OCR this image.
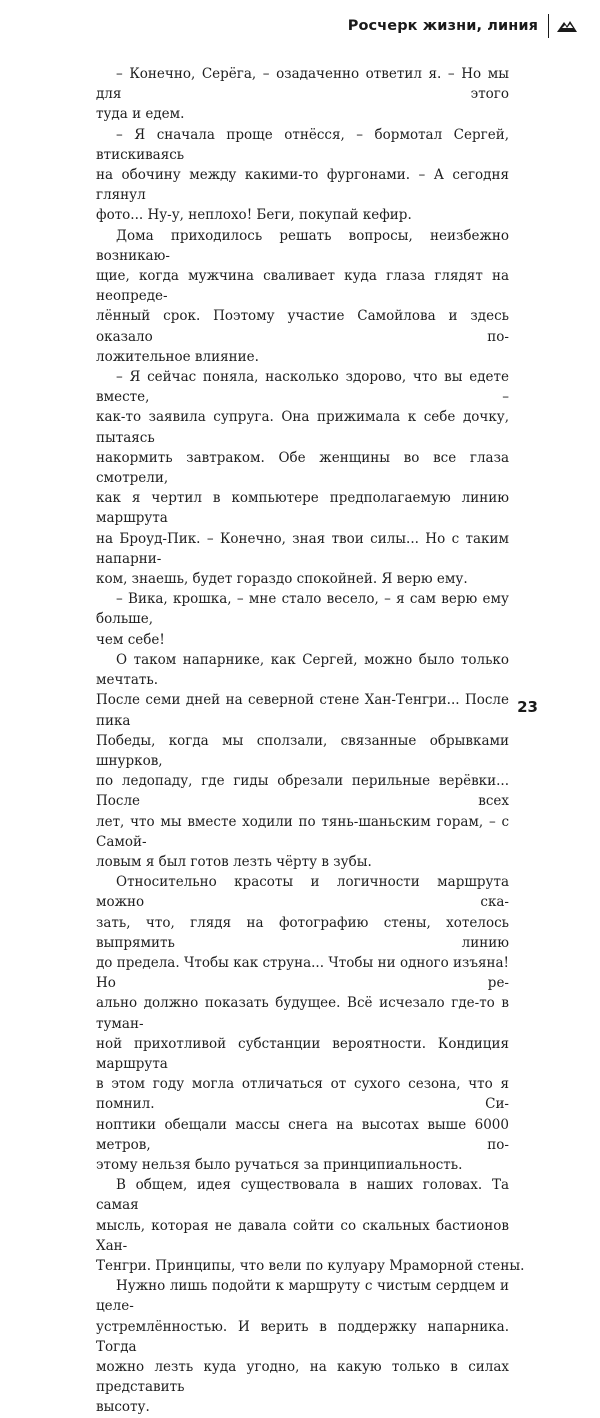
Росчерк жизни, линия

– Конечно, Серёга, – озадаченно ответил я. – Но мы для этого
туда и едем.

– Я сначала проще отнёсся, – бормотал Сергей, втискиваясь
на обочину между какими-то фургонами. – А сегодня глянул
фото... Ну-у, неплохо! Беги, покупай кефир.

Дома приходилось решать вопросы, неизбежно возникаю-
щие, когда мужчина сваливает куда глаза глядят на неопреде-
лённый срок. Поэтому участие Самойлова и здесь оказало по-
ложительное влияние.

– Я сейчас поняла, насколько здорово, что вы едете вместе, –
как-то заявила супруга. Она прижимала к себе дочку, пытаясь
накормить завтраком. Обе женщины во все глаза смотрели,
как я чертил в компьютере предполагаемую линию маршрута
на Броуд-Пик. – Конечно, зная твои силы... Но с таким напарни-
ком, знаешь, будет гораздо спокойней. Я верю ему.

– Вика, крошка, – мне стало весело, – я сам верю ему больше,
чем себе!

О таком напарнике, как Сергей, можно было только мечтать.
После семи дней на северной стене Хан-Тенгри... После пика
Победы, когда мы сползали, связанные обрывками шнурков,
по ледопаду, где гиды обрезали перильные верёвки... После всех
лет, что мы вместе ходили по тянь-шаньским горам, – с Самой-
ловым я был готов лезть чёрту в зубы.

Относительно красоты и логичности маршрута можно ска-
зать, что, глядя на фотографию стены, хотелось выпрямить линию
до предела. Чтобы как струна... Чтобы ни одного изъяна! Но ре-
ально должно показать будущее. Всё исчезало где-то в туман-
ной прихотливой субстанции вероятности. Кондиция маршрута
в этом году могла отличаться от сухого сезона, что я помнил. Си-
ноптики обещали массы снега на высотах выше 6000 метров, по-
этому нельзя было ручаться за принципиальность.

В общем, идея существовала в наших головах. Та самая
мысль, которая не давала сойти со скальных бастионов Хан-
Тенгри. Принципы, что вели по кулуару Мраморной стены.

Нужно лишь подойти к маршруту с чистым сердцем и целе-
устремлённостью. И верить в поддержку напарника. Тогда
можно лезть куда угодно, на какую только в силах представить
высоту.

23
